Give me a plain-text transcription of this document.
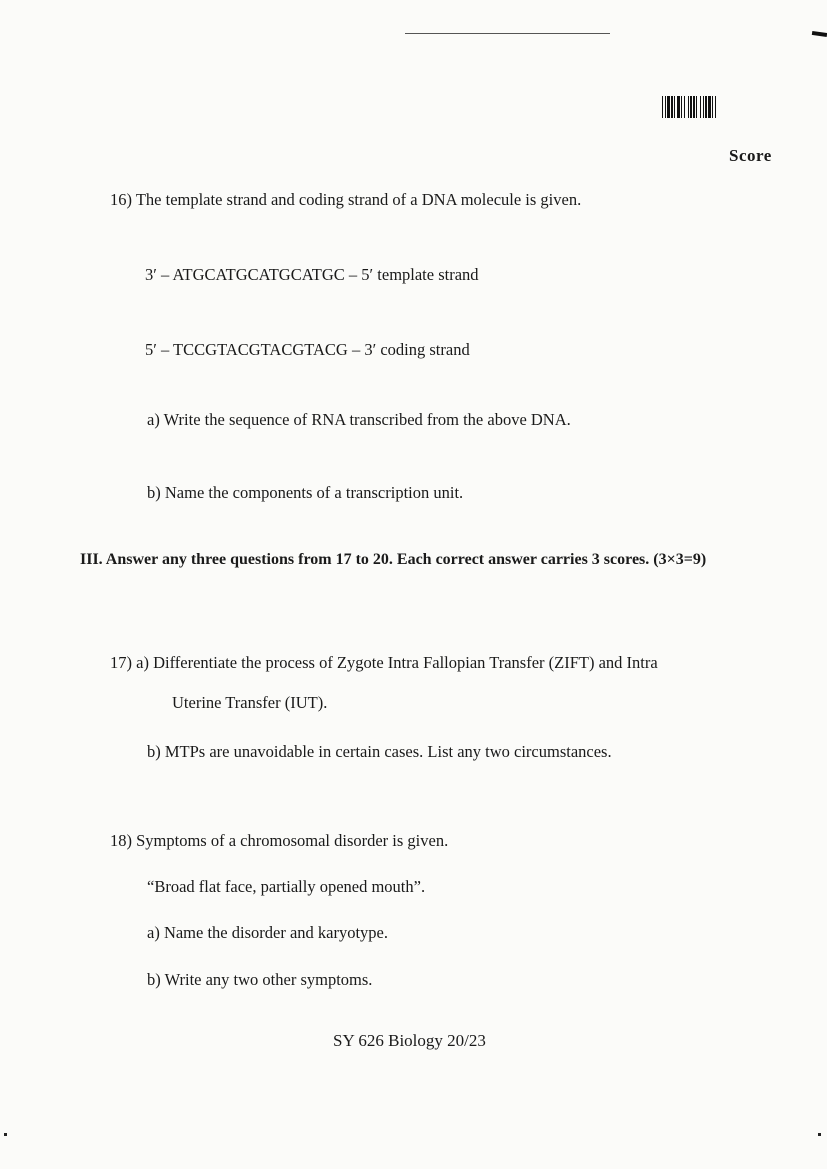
Score
16) The template strand and coding strand of a DNA molecule is given.
3′ – ATGCATGCATGCATGC – 5′ template strand
5′ – TCCGTACGTACGTACG – 3′ coding strand
a) Write the sequence of RNA transcribed from the above DNA.
b) Name the components of a transcription unit.
III. Answer any three questions from 17 to 20. Each correct answer carries 3 scores. (3×3=9)
17) a) Differentiate the process of Zygote Intra Fallopian Transfer (ZIFT) and Intra
Uterine Transfer (IUT).
b) MTPs are unavoidable in certain cases. List any two circumstances.
18) Symptoms of a chromosomal disorder is given.
“Broad flat face, partially opened mouth”.
a) Name the disorder and karyotype.
b) Write any two other symptoms.
SY 626 Biology 20/23
